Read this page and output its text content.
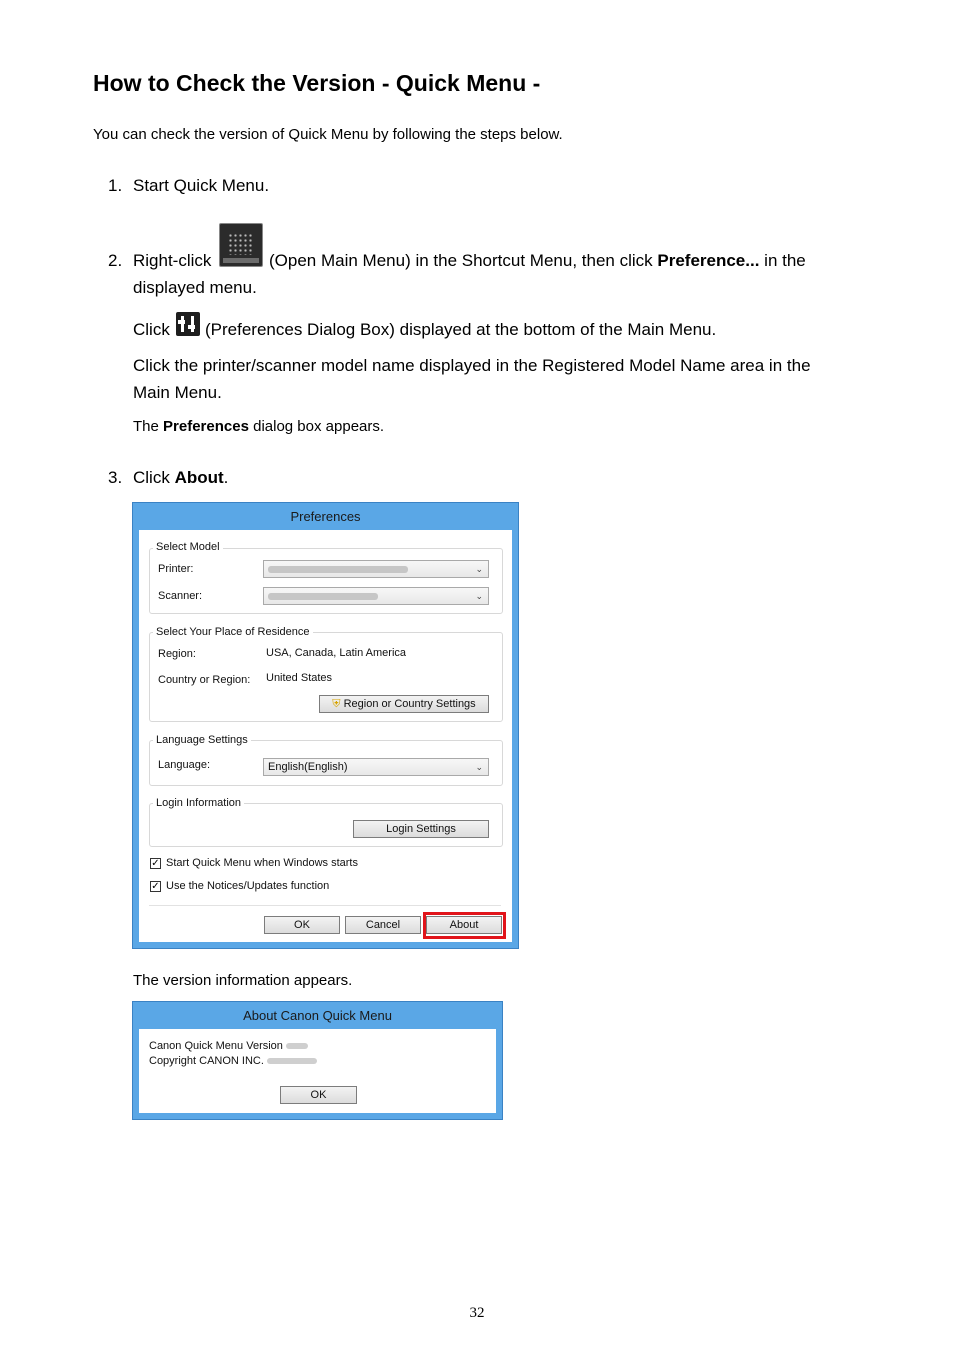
How to Check the Version - Quick Menu -
You can check the version of Quick Menu by following the steps below.
1. Start Quick Menu.
2. Right-click	(Open Main Menu) in the Shortcut Menu, then click Preference... in the
displayed menu.
Click (Preferences Dialog Box) displayed at the bottom of the Main Menu.
Click the printer/scanner model name displayed in the Registered Model Name area in the
Main Menu.
The Preferences dialog box appears.
3. Click About.
Preferences
Select Model
Printer:	⌄
Scanner:	⌄
Select Your Place of Residence
Region:	USA, Canada, Latin America
Country or Region: United States
⛨ Region or Country Settings
Language Settings
Language:	English(English)	⌄
Login Information
Login Settings
✓ Start Quick Menu when Windows starts
✓ Use the Notices/Updates function
OK	Cancel	About
The version information appears.
About Canon Quick Menu
Canon Quick Menu Version
Copyright CANON INC.
OK
32
